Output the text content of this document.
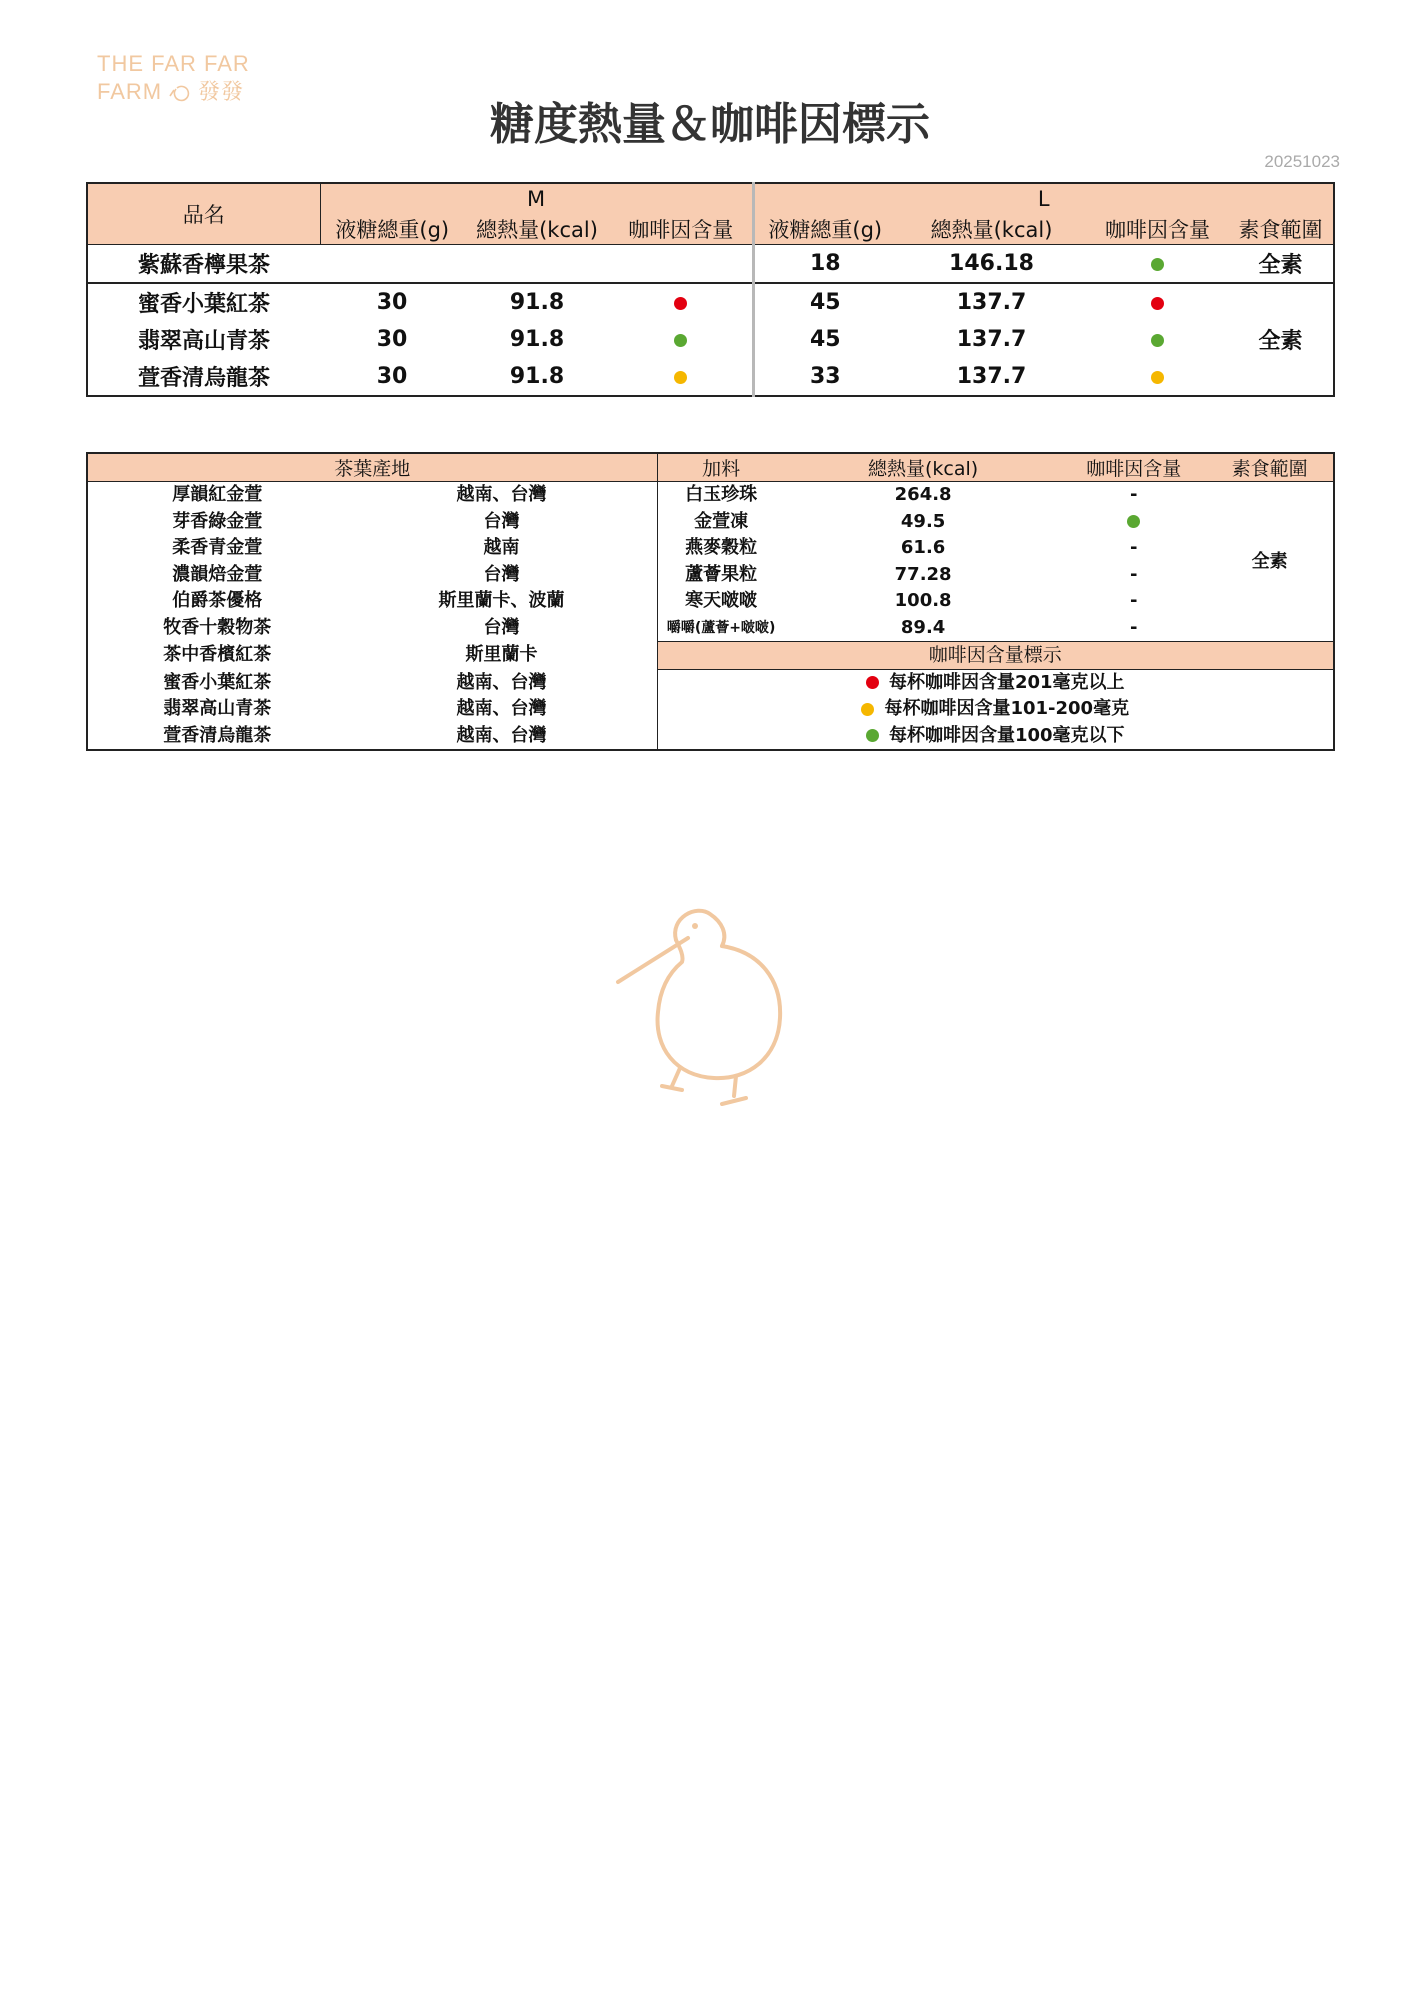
THE FAR FAR
FARM 發發
糖度熱量＆咖啡因標示
20251023
品名	M			L			
	液糖總重(g)	總熱量(kcal)	咖啡因含量	液糖總重(g)	總熱量(kcal)	咖啡因含量	素食範圍
紫蘇香檸果茶				18	146.18		全素
蜜香小葉紅茶	30	91.8		45	137.7		全素
翡翠高山青茶	30	91.8		45	137.7		
萱香清烏龍茶	30	91.8		33	137.7		
茶葉產地		加料	總熱量(kcal)	咖啡因含量	素食範圍
厚韻紅金萱	越南、台灣	白玉珍珠	264.8	-	全素
芽香綠金萱	台灣	金萱凍	49.5		
柔香青金萱	越南	燕麥穀粒	61.6	-	
濃韻焙金萱	台灣	蘆薈果粒	77.28	-	
伯爵茶優格	斯里蘭卡、波蘭	寒天啵啵	100.8	-	
牧香十穀物茶	台灣	嚼嚼(蘆薈+啵啵)	89.4	-	
茶中香檳紅茶	斯里蘭卡	咖啡因含量標示			
蜜香小葉紅茶	越南、台灣	每杯咖啡因含量201毫克以上			

翡翠高山青茶	越南、台灣	每杯咖啡因含量101-200毫克			

萱香清烏龍茶	越南、台灣	每杯咖啡因含量100毫克以下			
